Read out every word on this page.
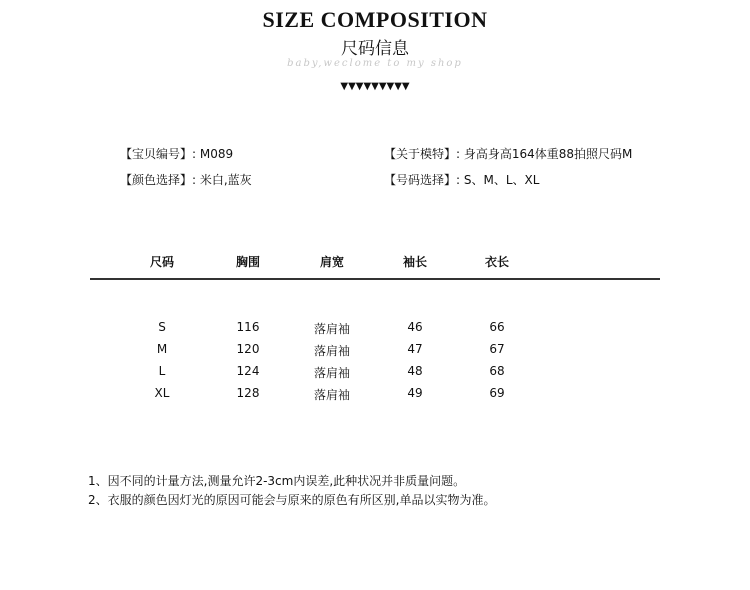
SIZE COMPOSITION
尺码信息
baby,weclome to my shop
▼▼▼▼▼▼▼▼▼
【宝贝编号】: M089	【关于模特】: 身高身高164体重88拍照尺码M
【颜色选择】: 米白,蓝灰	【号码选择】: S、M、L、XL
尺码	胸围	肩宽	袖长	衣长
S	116	落肩袖	46	66
M	120	落肩袖	47	67
L	124	落肩袖	48	68
XL	128	落肩袖	49	69
1、因不同的计量方法,测量允许2-3cm内误差,此种状况并非质量问题。
2、衣服的颜色因灯光的原因可能会与原来的原色有所区别,单品以实物为准。
